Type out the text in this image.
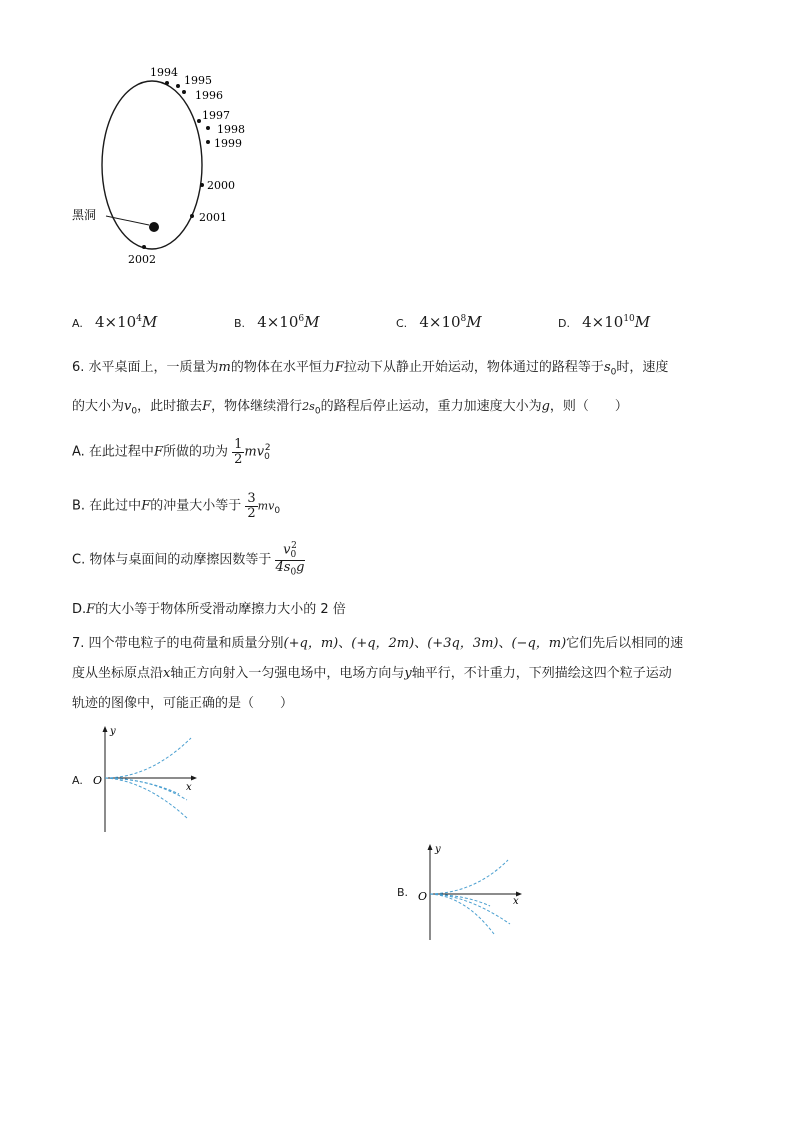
1994
1995
1996
1997
1998
1999
2000
2001
2002
黑洞
A. $4\times 10^4M$	B. $4\times 10^6M$	C. $4\times 10^8M$	D. $4\times 10^{10}M$
6. 水平桌面上，一质量为m的物体在水平恒力F拉动下从静止开始运动，物体通过的路程等于$s_0$时，速度
的大小为$v_0$，此时撤去F，物体继续滑行$2s_0$的路程后停止运动，重力加速度大小为g，则（　　）
A. 在此过程中F所做的功为 $\frac{1}{2} mv_0^2$
B. 在此过中F的冲量大小等于 $\frac{3}{2} mv_0$
C. 物体与桌面间的动摩擦因数等于 $\frac{v_0^2}{4s_0g}$
D.F的大小等于物体所受滑动摩擦力大小的 2 倍
7. 四个带电粒子的电荷量和质量分别(+q，m)、(+q，2m)、(+3q，3m)、(−q，m)它们先后以相同的速
度从坐标原点沿x轴正方向射入一匀强电场中，电场方向与y轴平行，不计重力，下列描绘这四个粒子运动
轨迹的图像中，可能正确的是（　　）
A. O
x
y
B. O	x
y
